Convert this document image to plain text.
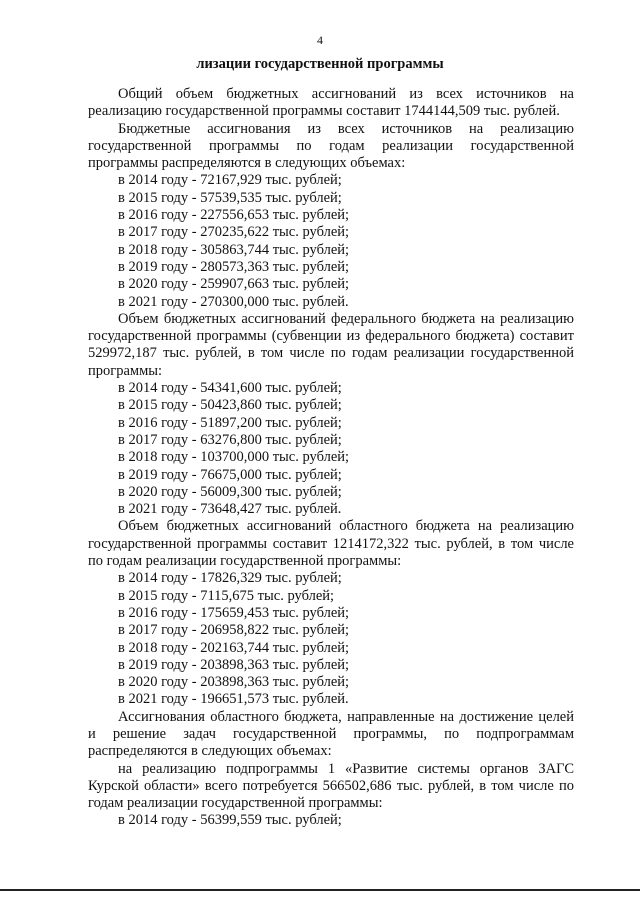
4
лизации государственной программы

Общий объем бюджетных ассигнований из всех источников на реализацию государственной программы составит 1744144,509 тыс. рублей.

Бюджетные ассигнования из всех источников на реализацию государственной программы по годам реализации государственной программы распределяются в следующих объемах:

в 2014 году - 72167,929 тыс. рублей;
в 2015 году - 57539,535 тыс. рублей;
в 2016 году - 227556,653 тыс. рублей;
в 2017 году - 270235,622 тыс. рублей;
в 2018 году - 305863,744 тыс. рублей;
в 2019 году - 280573,363 тыс. рублей;
в 2020 году - 259907,663 тыс. рублей;
в 2021 году - 270300,000 тыс. рублей.

Объем бюджетных ассигнований федерального бюджета на реализацию государственной программы (субвенции из федерального бюджета) составит 529972,187 тыс. рублей, в том числе по годам реализации государственной программы:

в 2014 году - 54341,600 тыс. рублей;
в 2015 году - 50423,860 тыс. рублей;
в 2016 году - 51897,200 тыс. рублей;
в 2017 году - 63276,800 тыс. рублей;
в 2018 году - 103700,000 тыс. рублей;
в 2019 году - 76675,000 тыс. рублей;
в 2020 году - 56009,300 тыс. рублей;
в 2021 году - 73648,427 тыс. рублей.

Объем бюджетных ассигнований областного бюджета на реализацию государственной программы составит 1214172,322 тыс. рублей, в том числе по годам реализации государственной программы:

в 2014 году - 17826,329 тыс. рублей;
в 2015 году - 7115,675 тыс. рублей;
в 2016 году - 175659,453 тыс. рублей;
в 2017 году - 206958,822 тыс. рублей;
в 2018 году - 202163,744 тыс. рублей;
в 2019 году - 203898,363 тыс. рублей;
в 2020 году - 203898,363 тыс. рублей;
в 2021 году - 196651,573 тыс. рублей.

Ассигнования областного бюджета, направленные на достижение целей и решение задач государственной программы, по подпрограммам распределяются в следующих объемах:

на реализацию подпрограммы 1 «Развитие системы органов ЗАГС Курской области» всего потребуется 566502,686 тыс. рублей, в том числе по годам реализации государственной программы:

в 2014 году - 56399,559 тыс. рублей;
